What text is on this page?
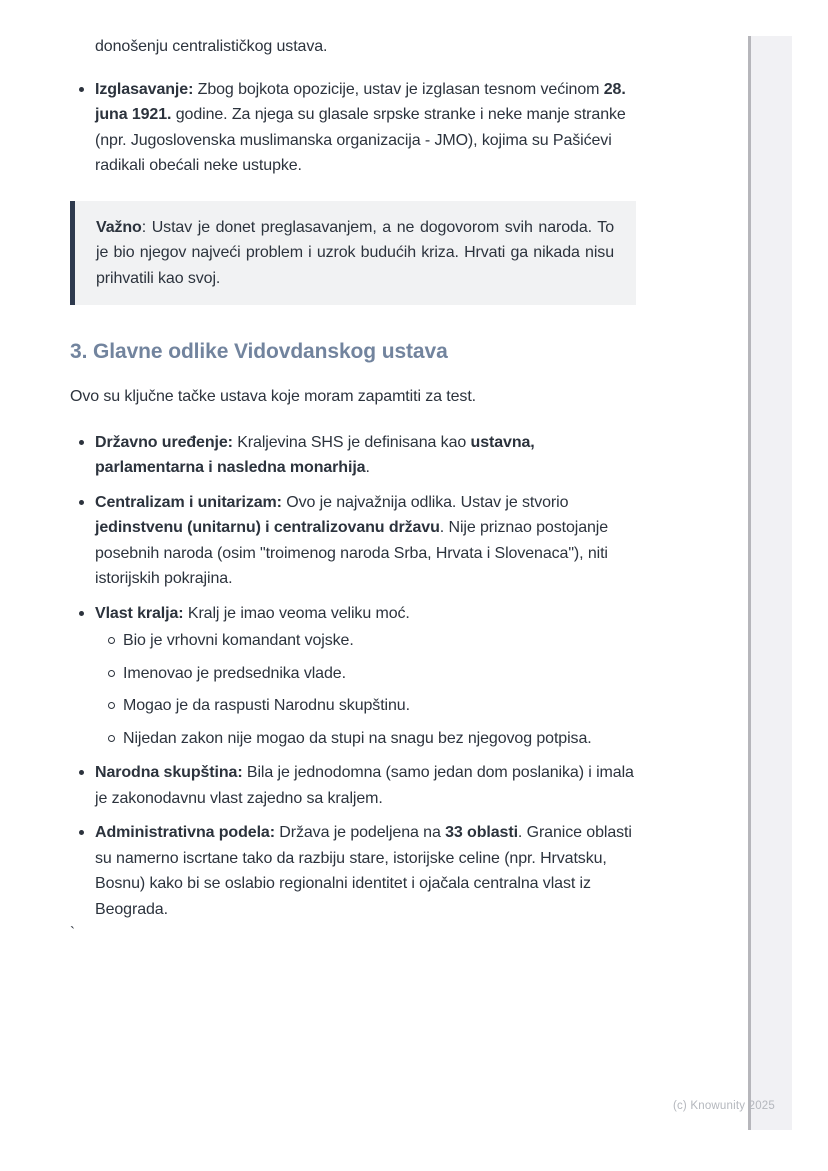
donošenju centralističkog ustava.

Izglasavanje: Zbog bojkota opozicije, ustav je izglasan tesnom većinom 28. juna 1921. godine. Za njega su glasale srpske stranke i neke manje stranke (npr. Jugoslovenska muslimanska organizacija - JMO), kojima su Pašićevi radikali obećali neke ustupke.

Važno: Ustav je donet preglasavanjem, a ne dogovorom svih naroda. To je bio njegov najveći problem i uzrok budućih kriza. Hrvati ga nikada nisu prihvatili kao svoj.

3. Glavne odlike Vidovdanskog ustava

Ovo su ključne tačke ustava koje moram zapamtiti za test.

Državno uređenje: Kraljevina SHS je definisana kao ustavna, parlamentarna i nasledna monarhija.

Centralizam i unitarizam: Ovo je najvažnija odlika. Ustav je stvorio jedinstvenu (unitarnu) i centralizovanu državu. Nije priznao postojanje posebnih naroda (osim "troimenog naroda Srba, Hrvata i Slovenaca"), niti istorijskih pokrajina.

Vlast kralja: Kralj je imao veoma veliku moć.

Bio je vrhovni komandant vojske.

Imenovao je predsednika vlade.

Mogao je da raspusti Narodnu skupštinu.

Nijedan zakon nije mogao da stupi na snagu bez njegovog potpisa.

Narodna skupština: Bila je jednodomna (samo jedan dom poslanika) i imala je zakonodavnu vlast zajedno sa kraljem.

Administrativna podela: Država je podeljena na 33 oblasti. Granice oblasti su namerno iscrtane tako da razbiju stare, istorijske celine (npr. Hrvatsku, Bosnu) kako bi se oslabio regionalni identitet i ojačala centralna vlast iz Beograda.

`
(c) Knowunity 2025
